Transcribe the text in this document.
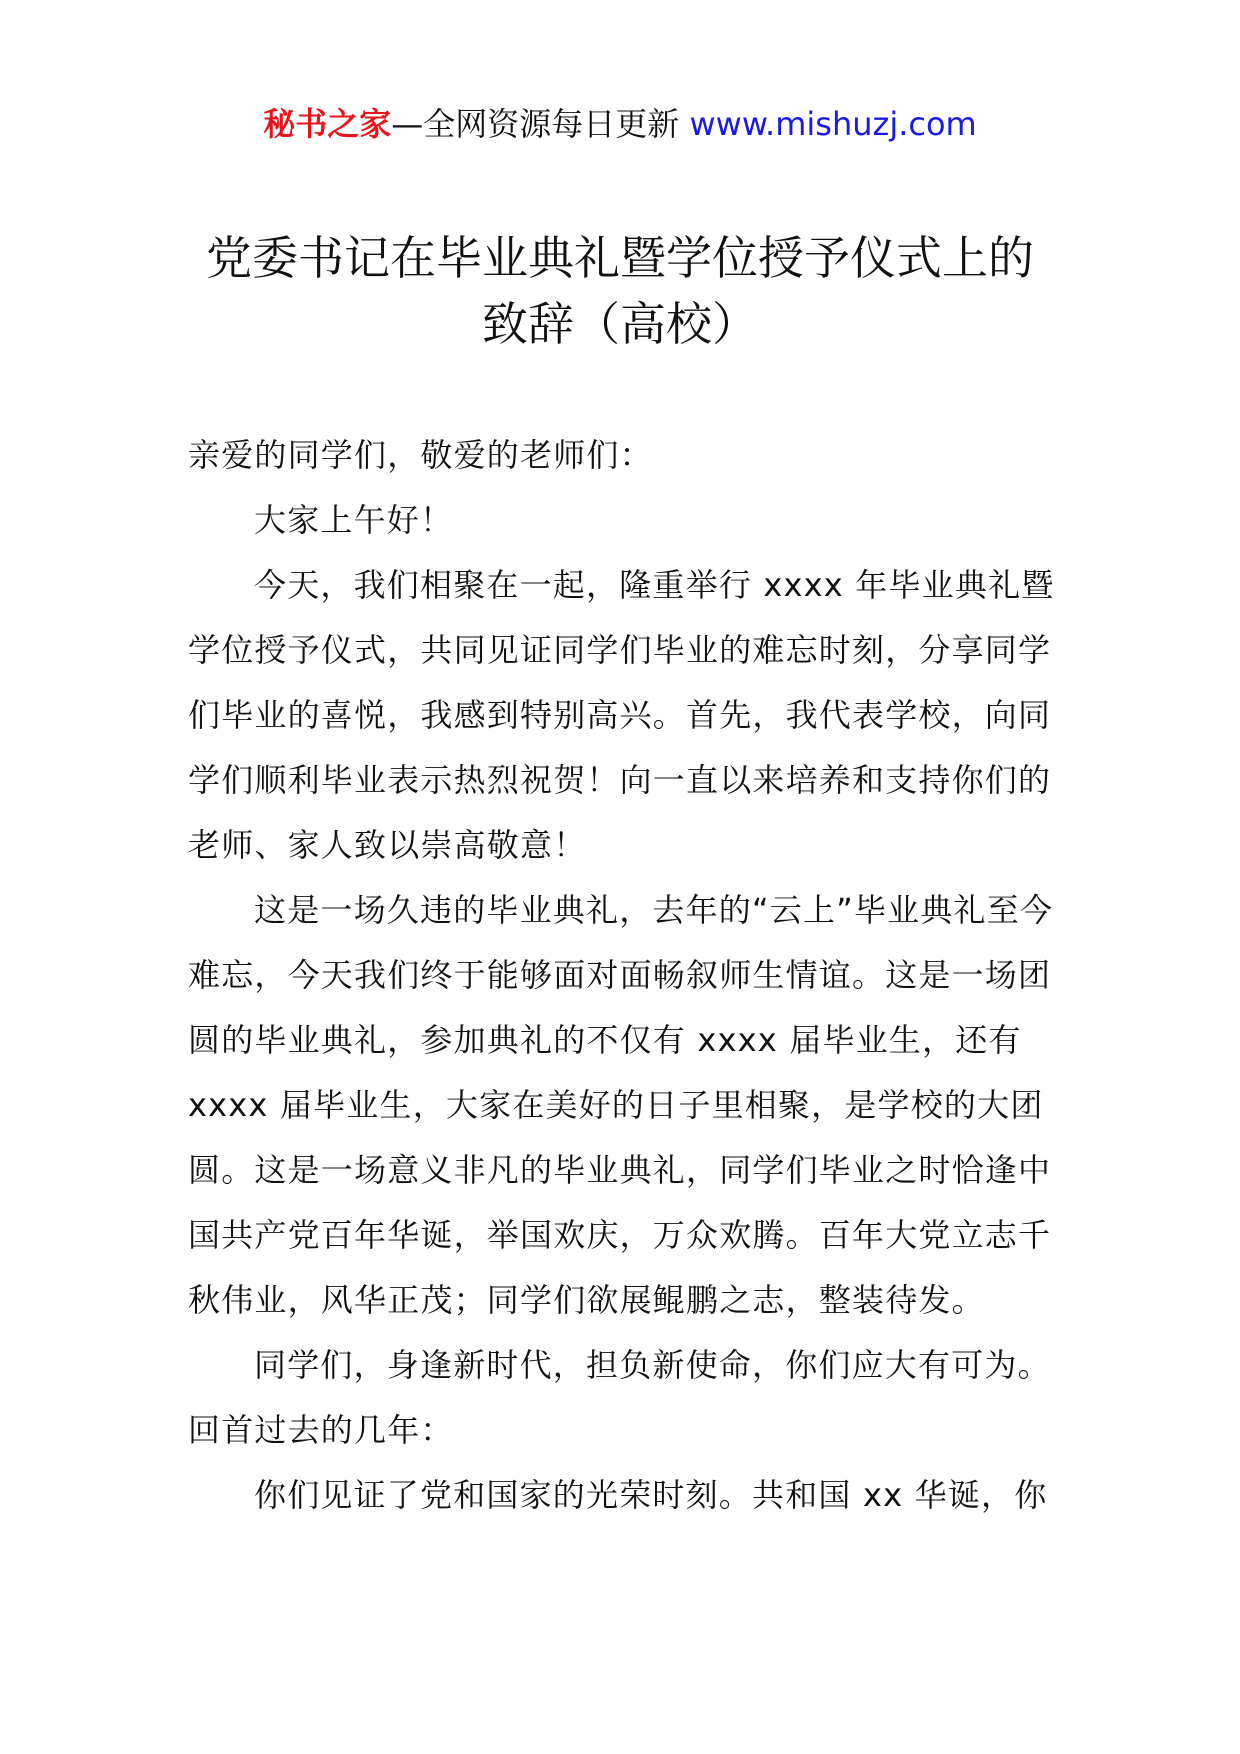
秘书之家—全网资源每日更新 www.mishuzj.com
党委书记在毕业典礼暨学位授予仪式上的
致辞（高校）

亲爱的同学们，敬爱的老师们：

大家上午好！

今天，我们相聚在一起，隆重举行 xxxx 年毕业典礼暨学位授予仪式，共同见证同学们毕业的难忘时刻，分享同学们毕业的喜悦，我感到特别高兴。首先，我代表学校，向同学们顺利毕业表示热烈祝贺！向一直以来培养和支持你们的老师、家人致以崇高敬意！

这是一场久违的毕业典礼，去年的“云上”毕业典礼至今难忘，今天我们终于能够面对面畅叙师生情谊。这是一场团圆的毕业典礼，参加典礼的不仅有 xxxx 届毕业生，还有 xxxx 届毕业生，大家在美好的日子里相聚，是学校的大团圆。这是一场意义非凡的毕业典礼，同学们毕业之时恰逢中国共产党百年华诞，举国欢庆，万众欢腾。百年大党立志千秋伟业，风华正茂；同学们欲展鲲鹏之志，整装待发。

同学们，身逢新时代，担负新使命，你们应大有可为。回首过去的几年：

你们见证了党和国家的光荣时刻。共和国 xx 华诞，你
